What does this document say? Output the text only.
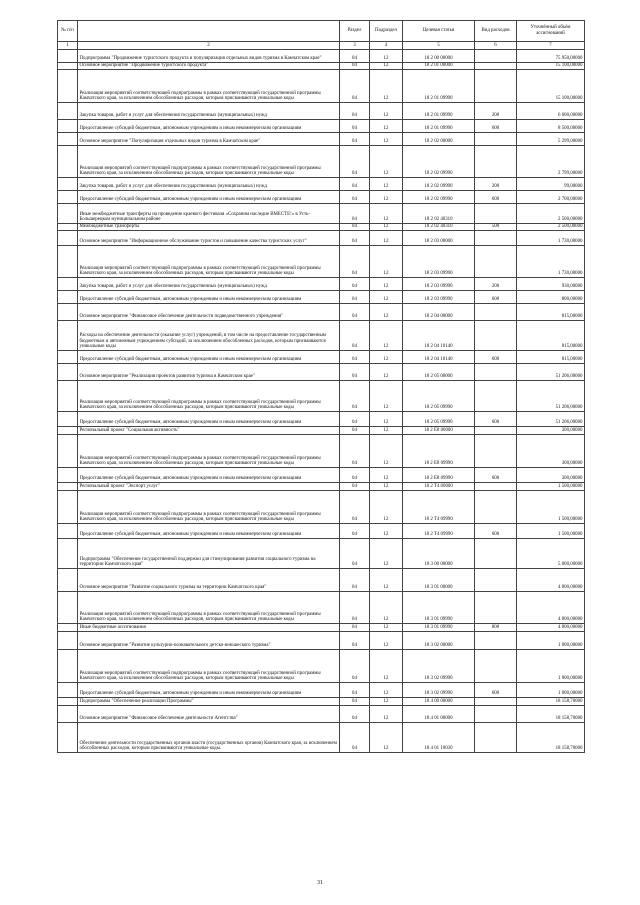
№ п/п		Раздел	Подраздел	Целевая статья	Вид расходов	Уточнённый объём ассигнований
1	2	3	4	5	6	7
	Подпрограмма "Продвижение туристского продукта и популяризация отдельных видов туризма в Камчатском крае"	04	12	18 2 00 00000		75 950,00000
	Основное мероприятие "Продвижение туристского продукта"	04	12	18 2 01 00000		15 100,00000
	Реализация мероприятий соответствующей подпрограммы в рамках соответствующей государственной программы Камчатского края, за исключением обособленных расходов, которым присваиваются уникальные коды	04	12	18 2 01 09990		15 100,00000
	Закупка товаров, работ и услуг для обеспечения государственных (муниципальных) нужд	04	12	18 2 01 09990	200	6 600,00000
	Предоставление субсидий бюджетным, автономным учреждениям и иным некоммерческим организациям	04	12	18 2 01 09990	600	8 500,00000
	Основное мероприятие "Популяризация отдельных видов туризма в Камчатском крае"	04	12	18 2 02 00000		5 299,00000
	Реализация мероприятий соответствующей подпрограммы в рамках соответствующей государственной программы Камчатского края, за исключением обособленных расходов, которым присваиваются уникальные коды	04	12	18 2 02 09990		2 799,00000
	Закупка товаров, работ и услуг для обеспечения государственных (муниципальных) нужд	04	12	18 2 02 09990	200	99,00000
	Предоставление субсидий бюджетным, автономным учреждениям и иным некоммерческим организациям	04	12	18 2 02 09990	600	2 700,00000
	Иные межбюджетные трансферты на проведение краевого фестиваля «Сохраним наследие ВМЕСТЕ!» в Усть-Большерецком муниципальном районе	04	12	18 2 02 40310		2 500,00000
	Межбюджетные трансферты	04	12	18 2 02 40310	500	2 500,00000
	Основное мероприятие "Информационное обслуживание туристов и повышение качества туристских услуг"	04	12	18 2 03 00000		1 730,00000
	Реализация мероприятий соответствующей подпрограммы в рамках соответствующей государственной программы Камчатского края, за исключением обособленных расходов, которым присваиваются уникальные коды	04	12	18 2 03 09990		1 730,00000
	Закупка товаров, работ и услуг для обеспечения государственных (муниципальных) нужд	04	12	18 2 03 09990	200	930,00000
	Предоставление субсидий бюджетным, автономным учреждениям и иным некоммерческим организациям	04	12	18 2 03 09990	600	800,00000
	Основное мероприятие "Финансовое обеспечение деятельности подведомственного учреждения"	04	12	18 2 04 00000		815,00000
	Расходы на обеспечение деятельности (оказание услуг) учреждений, в том числе на предоставление государственным бюджетным и автономным учреждениям субсидий, за исключением обособленных расходов, которым присваиваются уникальные коды	04	12	18 2 04 10140		815,00000
	Предоставление субсидий бюджетным, автономным учреждениям и иным некоммерческим организациям	04	12	18 2 04 10140	600	815,00000
	Основное мероприятие "Реализация проектов развития туризма в Камчатском крае"	04	12	18 2 05 00000		51 206,00000
	Реализация мероприятий соответствующей подпрограммы в рамках соответствующей государственной программы Камчатского края, за исключением обособленных расходов, которым присваиваются уникальные коды	04	12	18 2 05 09990		51 206,00000
	Предоставление субсидий бюджетным, автономным учреждениям и иным некоммерческим организациям	04	12	18 2 05 09990	600	51 206,00000
	Региональный проект "Социальная активность"	04	12	18 2 E8 00000		300,00000
	Реализация мероприятий соответствующей подпрограммы в рамках соответствующей государственной программы Камчатского края, за исключением обособленных расходов, которым присваиваются уникальные коды	04	12	18 2 E8 09990		300,00000
	Предоставление субсидий бюджетным, автономным учреждениям и иным некоммерческим организациям	04	12	18 2 E8 09990	600	300,00000
	Региональный проект "Экспорт услуг"	04	12	18 2 T4 00000		1 500,00000
	Реализация мероприятий соответствующей подпрограммы в рамках соответствующей государственной программы Камчатского края, за исключением обособленных расходов, которым присваиваются уникальные коды	04	12	18 2 T4 09990		1 500,00000
	Предоставление субсидий бюджетным, автономным учреждениям и иным некоммерческим организациям	04	12	18 2 T4 09990	600	1 500,00000
	Подпрограмма "Обеспечение государственной поддержки для стимулирования развития социального туризма на территории Камчатского края"	04	12	18 3 00 00000		5 000,00000
	Основное мероприятие "Развитие социального туризма на территории Камчатского края"	04	12	18 3 01 00000		4 000,00000
	Реализация мероприятий соответствующей подпрограммы в рамках соответствующей государственной программы Камчатского края, за исключением обособленных расходов, которым присваиваются уникальные коды	04	12	18 3 01 09990		4 000,00000
	Иные бюджетные ассигнования	04	12	18 3 01 09990	800	4 000,00000
	Основное мероприятие "Развитие культурно-познавательного детско-юношеского туризма"	04	12	18 3 02 00000		1 000,00000
	Реализация мероприятий соответствующей подпрограммы в рамках соответствующей государственной программы Камчатского края, за исключением обособленных расходов, которым присваиваются уникальные коды	04	12	18 3 02 09990		1 000,00000
	Предоставление субсидий бюджетным, автономным учреждениям и иным некоммерческим организациям	04	12	18 3 02 09990	600	1 000,00000
	Подпрограмма "Обеспечение реализации Программы"	04	12	18 4 00 00000		18 158,70000
	Основное мероприятие "Финансовое обеспечение деятельности Агентства"	04	12	18 4 01 00000		18 158,70000
	Обеспечение деятельности государственных органов власти (государственных органов) Камчатского края, за исключением обособленных расходов, которым присваиваются уникальные коды.	04	12	18 4 01 10030		18 158,70000
31
